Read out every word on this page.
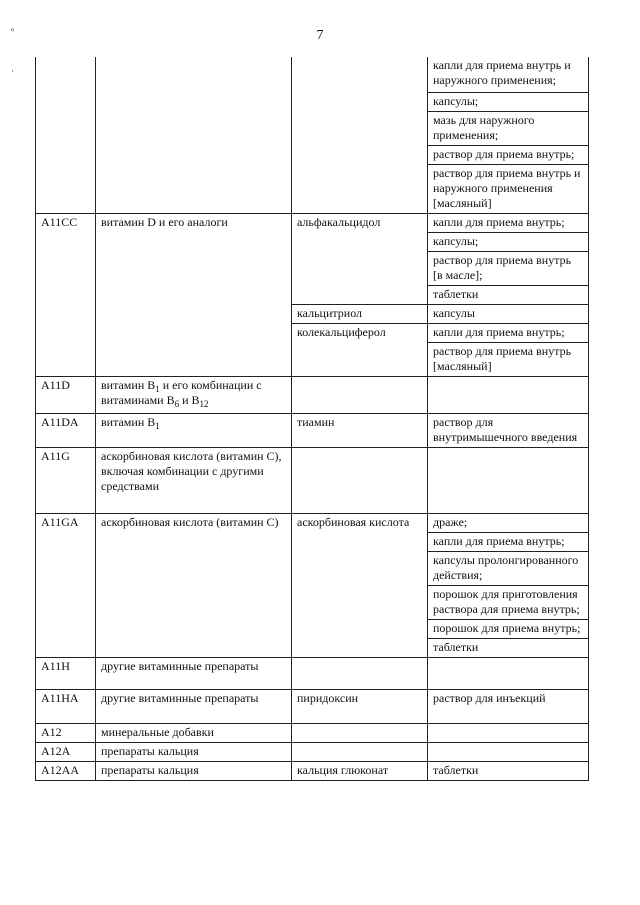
7
⁶
·
				капли для приема внутрь и наружного применения;
			капсулы;
			мазь для наружного применения;
			раствор для приема внутрь;
			раствор для приема внутрь и наружного применения [масляный]
A11CC	витамин D и его аналоги	альфакальцидол	капли для приема внутрь;
			капсулы;
			раствор для приема внутрь [в масле];
			таблетки
		кальцитриол	капсулы
		колекальциферол	капли для приема внутрь;
			раствор для приема внутрь [масляный]
A11D	витамин $B_1$ и его комбинации с витаминами $B_6$ и $B_{12}$		
A11DA	витамин $B_1$	тиамин	раствор для внутримышечного введения
A11G	аскорбиновая кислота (витамин C), включая комбинации с другими средствами		
A11GA	аскорбиновая кислота (витамин C)	аскорбиновая кислота	драже;
			капли для приема внутрь;
			капсулы пролонгированного действия;
			порошок для приготовления раствора для приема внутрь;
			порошок для приема внутрь;
			таблетки
A11H	другие витаминные препараты		
A11HA	другие витаминные препараты	пиридоксин	раствор для инъекций
A12	минеральные добавки		
A12A	препараты кальция		
A12AA	препараты кальция	кальция глюконат	таблетки
